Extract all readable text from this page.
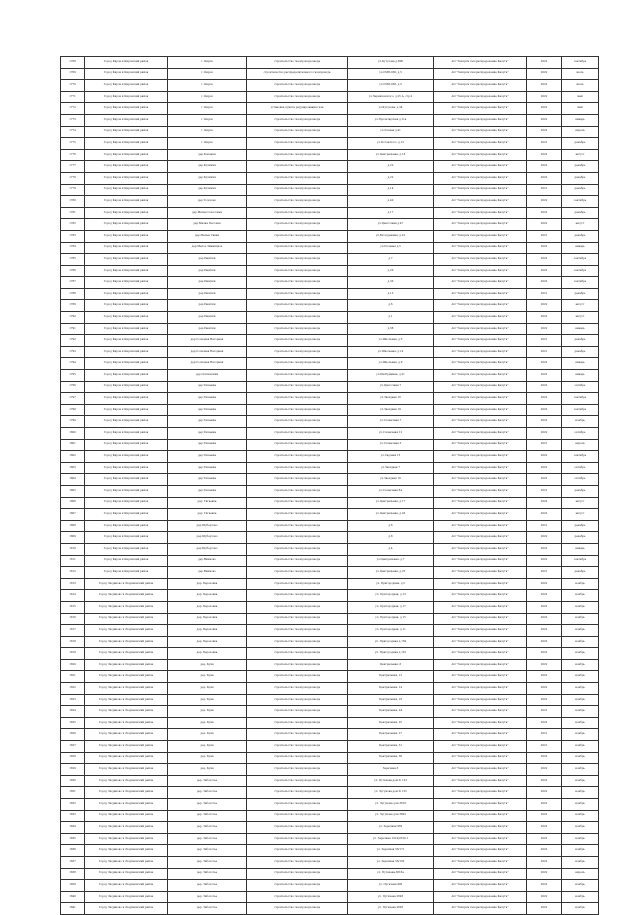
1768	Город Киров и Кировский район	г. Киров	строительство газопровода ввода	ул.Кутузова д.39Б	АО "Газпром газораспределение Калуга"	2022	сентябрь
1769	Город Киров и Кировский район	г. Киров	строительство распределительного газопровода	ул.СМП-936, д.5	АО "Газпром газораспределение Калуга"	2022	июль
1770	Город Киров и Кировский район	г. Киров	строительство газопровода ввода	ул.СМП-936, д.5	АО "Газпром газораспределение Калуга"	2022	июль
1771	Город Киров и Кировский район	г. Киров	строительство газопровода ввода	ул.Черняховского, д.25 А, стр.2	АО "Газпром газораспределение Калуга"	2022	май
1772	Город Киров и Кировский район	г. Киров	установка пункта редуцирования газа	ул.Кутузова, д.34	АО "Газпром газораспределение Калуга"	2022	май
1773	Город Киров и Кировский район	г. Киров	строительство газопровода ввода	ул.Пролетарская д.11а	АО "Газпром газораспределение Калуга"	2022	январь
1774	Город Киров и Кировский район	г. Киров	строительство газопровода ввода	ул.Лесная д.41	АО "Газпром газораспределение Калуга"	2022	апрель
1775	Город Киров и Кировский район	г. Киров	строительство газопровода ввода	ул.Котовского, д.15	АО "Газпром газораспределение Калуга"	2021	декабрь
1776	Город Киров и Кировский район	дер.Копенки	строительство газопровода ввода	ул.Центральная, д.18	АО "Газпром газораспределение Калуга"	2022	август
1777	Город Киров и Кировский район	дер.Кузмичи	строительство газопровода ввода	д.22	АО "Газпром газораспределение Калуга"	2022	декабрь
1778	Город Киров и Кировский район	дер.Кузмичи	строительство газопровода ввода	д.22	АО "Газпром газораспределение Калуга"	2022	декабрь
1779	Город Киров и Кировский район	дер.Кузмичи	строительство газопровода ввода	д.14	АО "Газпром газораспределение Калуга"	2021	декабрь
1780	Город Киров и Кировский район	дер.Толохово	строительство газопровода ввода	д.40	АО "Газпром газораспределение Калуга"	2022	сентябрь
1781	Город Киров и Кировский район	дер.Малая Соколовка	строительство газопровода ввода	д.17	АО "Газпром газораспределение Калуга"	2022	декабрь
1782	Город Киров и Кировский район	дер.Малая Песочня	строительство газопровода ввода	ул.Цветочная д.47	АО "Газпром газораспределение Калуга"	2022	август
1783	Город Киров и Кировский район	дер.Малые Савки	строительство газопровода ввода	ул.Молодежная, д.22	АО "Газпром газораспределение Калуга"	2021	декабрь
1784	Город Киров и Кировский район	дер.Малое Зимницкое	строительство газопровода ввода	ул.Полевая д.5	АО "Газпром газораспределение Калуга"	2022	январь
1785	Город Киров и Кировский район	дер.Ракитки	строительство газопровода ввода	д.7	АО "Газпром газораспределение Калуга"	2022	сентябрь
1786	Город Киров и Кировский район	дер.Ракитки	строительство газопровода ввода	д.20	АО "Газпром газораспределение Калуга"	2022	сентябрь
1787	Город Киров и Кировский район	дер.Ракитки	строительство газопровода ввода	д.33	АО "Газпром газораспределение Калуга"	2022	сентябрь
1788	Город Киров и Кировский район	дер.Ракитки	строительство газопровода ввода	д.13	АО "Газпром газораспределение Калуга"	2021	декабрь
1789	Город Киров и Кировский район	дер.Ракитки	строительство газопровода ввода	д.6	АО "Газпром газораспределение Калуга"	2022	август
1790	Город Киров и Кировский район	дер.Ракитки	строительство газопровода ввода	д.1	АО "Газпром газораспределение Калуга"	2022	август
1791	Город Киров и Кировский район	дер.Ракитки	строительство газопровода ввода	д.38	АО "Газпром газораспределение Калуга"	2022	январь
1792	Город Киров и Кировский район	дер.Сосновая Нагорная	строительство газопровода ввода	ул.Школьная, д.3	АО "Газпром газораспределение Калуга"	2021	декабрь
1793	Город Киров и Кировский район	дер.Сосновая Нагорная	строительство газопровода ввода	ул.Школьная, д.14	АО "Газпром газораспределение Калуга"	2021	декабрь
1794	Город Киров и Кировский район	дер.Сосновая Нагорная	строительство газопровода ввода	ул.Школьная, д.9	АО "Газпром газораспределение Калуга"	2022	январь
1795	Город Киров и Кировский район	дер.Осиповский	строительство газопровода ввода	ул.Им.Ерёмина, д.21	АО "Газпром газораспределение Калуга"	2022	январь
1796	Город Киров и Кировский район	дер.Тягаевка	строительство газопровода ввода	ул.Цветочная 7	АО "Газпром газораспределение Калуга"	2022	октябрь
1797	Город Киров и Кировский район	дер.Тягаевка	строительство газопровода ввода	ул.Звездная 10	АО "Газпром газораспределение Калуга"	2022	сентябрь
1798	Город Киров и Кировский район	дер.Тягаевка	строительство газопровода ввода	ул.Звездная 19	АО "Газпром газораспределение Калуга"	2022	сентябрь
1799	Город Киров и Кировский район	дер.Тягаевка	строительство газопровода ввода	ул.Солнечная 7	АО "Газпром газораспределение Калуга"	2022	ноябрь
1800	Город Киров и Кировский район	дер.Тягаевка	строительство газопровода ввода	ул.Солнечная 12	АО "Газпром газораспределение Калуга"	2022	октябрь
1801	Город Киров и Кировский район	дер.Тягаевка	строительство газопровода ввода	ул.Солнечная 5	АО "Газпром газораспределение Калуга"	2021	апрель
1802	Город Киров и Кировский район	дер.Тягаевка	строительство газопровода ввода	ул.Садовая 13	АО "Газпром газораспределение Калуга"	2022	сентябрь
1803	Город Киров и Кировский район	дер.Тягаевка	строительство газопровода ввода	ул.Звездная 7	АО "Газпром газораспределение Калуга"	2022	октябрь
1804	Город Киров и Кировский район	дер.Тягаевка	строительство газопровода ввода	ул.Звездная 10	АО "Газпром газораспределение Калуга"	2022	октябрь
1805	Город Киров и Кировский район	дер.Тягаевка	строительство газопровода ввода	ул.Солнечная 8А	АО "Газпром газораспределение Калуга"	2021	декабрь
1806	Город Киров и Кировский район	дер. Тягаевка	строительство газопровода ввода	ул.Центральная, д.17	АО "Газпром газораспределение Калуга"	2022	август
1807	Город Киров и Кировский район	дер. Тягаевка	строительство газопровода ввода	ул.Центральная, д.43	АО "Газпром газораспределение Калуга"	2022	август
1808	Город Киров и Кировский район	дер.Шубертово	строительство газопровода ввода	д.6	АО "Газпром газораспределение Калуга"	2021	декабрь
1809	Город Киров и Кировский район	дер.Шубертово	строительство газопровода ввода	д.8	АО "Газпром газораспределение Калуга"	2022	декабрь
1810	Город Киров и Кировский район	дер.Шубертово	строительство газопровода ввода	д.4	АО "Газпром газораспределение Калуга"	2022	январь
1811	Город Киров и Кировский район	дер.Якимово	строительство газопровода ввода	ул.Центральная, д.7	АО "Газпром газораспределение Калуга"	2022	сентябрь
1812	Город Киров и Кировский район	дер.Якимово	строительство газопровода ввода	ул.Центральная, д.25	АО "Газпром газораспределение Калуга"	2021	декабрь
1813	Город Людиново и Людиновский район	дер. Березовка	строительство газопровода ввода	ул. Пригородная, д.5	АО "Газпром газораспределение Калуга"	2022	ноябрь
1814	Город Людиново и Людиновский район	дер. Березовка	строительство газопровода ввода	ул. Пригородная, д.13	АО "Газпром газораспределение Калуга"	2022	ноябрь
1815	Город Людиново и Людиновский район	дер. Березовка	строительство газопровода ввода	ул. Пригородная, д.17	АО "Газпром газораспределение Калуга"	2022	ноябрь
1816	Город Людиново и Людиновский район	дер. Березовка	строительство газопровода ввода	ул. Пригородная, д.15	АО "Газпром газораспределение Калуга"	2022	ноябрь
1817	Город Людиново и Людиновский район	дер. Березовка	строительство газопровода ввода	ул. Пригородная, д.11	АО "Газпром газораспределение Калуга"	2022	ноябрь
1818	Город Людиново и Людиновский район	дер. Березовка	строительство газопровода ввода	ул. Пригородная д.159	АО "Газпром газораспределение Калуга"	2022	ноябрь
1819	Город Людиново и Людиновский район	дер. Березовка	строительство газопровода ввода	ул. Пригородная д.181	АО "Газпром газораспределение Калуга"	2022	ноябрь
1820	Город Людиново и Людиновский район	дер. Куяв	строительство газопровода ввода	Центральная, 6	АО "Газпром газораспределение Калуга"	2022	ноябрь
1821	Город Людиново и Людиновский район	дер. Куяв	строительство газопровода ввода	Центральная, 12	АО "Газпром газораспределение Калуга"	2022	ноябрь
1822	Город Людиново и Людиновский район	дер. Куяв	строительство газопровода ввода	Центральная, 14	АО "Газпром газораспределение Калуга"	2022	ноябрь
1823	Город Людиново и Людиновский район	дер. Куяв	строительство газопровода ввода	Центральная, 18	АО "Газпром газораспределение Калуга"	2022	ноябрь
1824	Город Людиново и Людиновский район	дер. Куяв	строительство газопровода ввода	Центральная, 24	АО "Газпром газораспределение Калуга"	2021	ноябрь
1825	Город Людиново и Людиновский район	дер. Куяв	строительство газопровода ввода	Центральная, 25	АО "Газпром газораспределение Калуга"	2022	ноябрь
1826	Город Людиново и Людиновский район	дер. Куяв	строительство газопровода ввода	Центральная, 27	АО "Газпром газораспределение Калуга"	2021	ноябрь
1827	Город Людиново и Людиновский район	дер. Куяв	строительство газопровода ввода	Центральная, 31	АО "Газпром газораспределение Калуга"	2021	ноябрь
1828	Город Людиново и Людиновский район	дер. Куяв	строительство газопровода ввода	Центральная, 36	АО "Газпром газораспределение Калуга"	2022	ноябрь
1829	Город Людиново и Людиновский район	дер. Куяв	строительство газопровода ввода	Заречная,3	АО "Газпром газораспределение Калуга"	2022	ноябрь
1830	Город Людиново и Людиновский район	дер. Заболотье	строительство газопровода ввода	ул. Пугачева,дом № 123	АО "Газпром газораспределение Калуга"	2022	ноябрь
1831	Город Людиново и Людиновский район	дер. Заболотье	строительство газопровода ввода	ул. Чугунова,дом № 125	АО "Газпром газораспределение Калуга"	2022	ноябрь
1832	Город Людиново и Людиновский район	дер. Заболотье	строительство газопровода ввода	ул. Чугунова дом 3616	АО "Газпром газораспределение Калуга"	2022	ноябрь
1833	Город Людиново и Людиновский район	дер. Заболотье	строительство газопровода ввода	ул. Чугунова дом 3692	АО "Газпром газораспределение Калуга"	2022	ноябрь
1834	Город Людиново и Людиновский район	дер. Заболотье	строительство газопровода ввода	ул. Заречная 962	АО "Газпром газораспределение Калуга"	2022	ноябрь
1835	Город Людиново и Людиновский район	дер. Заболотье	строительство газопровода ввода	ул. Заречная 1014/2334.1	АО "Газпром газораспределение Калуга"	2022	ноябрь
1836	Город Людиново и Людиновский район	дер. Заболотье	строительство газопровода ввода	ул. Заречная 56/171	АО "Газпром газораспределение Калуга"	2022	ноябрь
1837	Город Людиново и Людиновский район	дер. Заболотье	строительство газопровода ввода	ул. Заречная 56/192	АО "Газпром газораспределение Калуга"	2022	ноябрь
1838	Город Людиново и Людиновский район	дер. Заболотье	строительство газопровода ввода	ул. Пугачева,3616а	АО "Газпром газораспределение Калуга"	2022	апрель
1839	Город Людиново и Людиновский район	дер. Заболотье	строительство газопровода ввода	ул. Пугачева 993	АО "Газпром газораспределение Калуга"	2022	ноябрь
1840	Город Людиново и Людиновский район	дер. Заболотье	строительство газопровода ввода	ул. Пугачева 2693	АО "Газпром газораспределение Калуга"	2022	ноябрь
1841	Город Людиново и Людиновский район	дер. Заболотье	строительство газопровода ввода	ул. Пугачева 2693	АО "Газпром газораспределение Калуга"	2022	ноябрь
